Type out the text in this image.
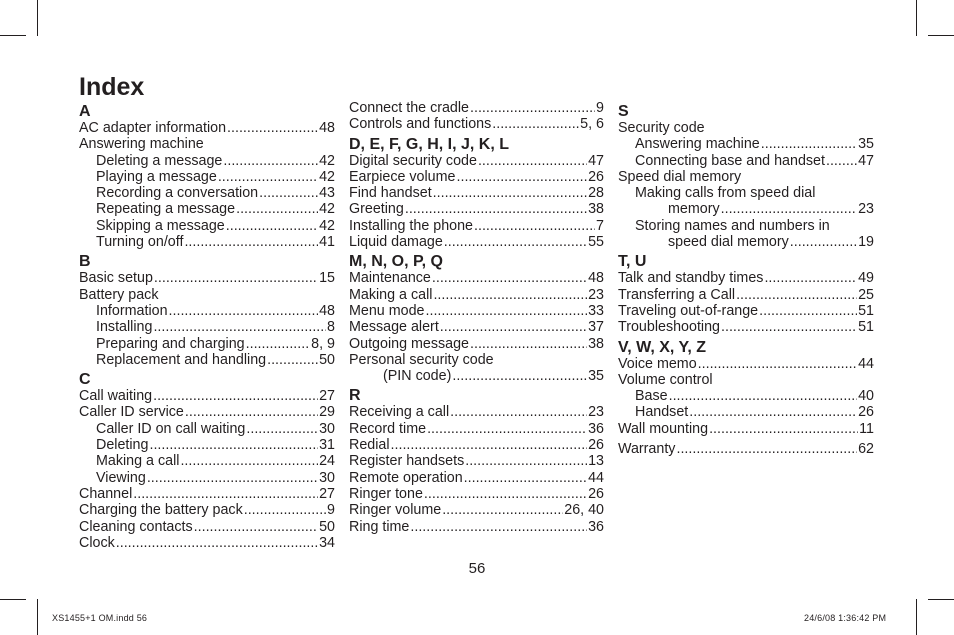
Index
A
AC adapter information .....	48
Answering machine
Deleting a message .....	42
Playing a message .....	42
Recording a conversation .....	43
Repeating a message .....	42
Skipping a message .....	42
Turning on/off .....	41
B
Basic setup .....	15
Battery pack
Information .....	48
Installing .....	8
Preparing and charging .....	8, 9
Replacement and handling .....	50
C
Call waiting .....	27
Caller ID service .....	29
Caller ID on call waiting .....	30
Deleting .....	31
Making a call .....	24
Viewing .....	30
Channel .....	27
Charging the battery pack .....	9
Cleaning contacts .....	50
Clock .....	34
Connect the cradle .....	9
Controls and functions .....	5, 6
D, E, F, G, H, I, J, K, L
Digital security code .....	47
Earpiece volume .....	26
Find handset .....	28
Greeting .....	38
Installing the phone .....	7
Liquid damage .....	55
M, N, O, P, Q
Maintenance .....	48
Making a call .....	23
Menu mode .....	33
Message alert .....	37
Outgoing message .....	38
Personal security code
(PIN code) .....	35
R
Receiving a call .....	23
Record time .....	36
Redial .....	26
Register handsets .....	13
Remote operation .....	44
Ringer tone .....	26
Ringer volume .....	26, 40
Ring time .....	36
S
Security code
Answering machine .....	35
Connecting base and handset ..... 47
Speed dial memory
Making calls from speed dial
memory .....	23
Storing names and numbers in
speed dial memory .....	19
T, U
Talk and standby times .....	49
Transferring a Call .....	25
Traveling out-of-range .....	51
Troubleshooting .....	51
V, W, X, Y, Z
Voice memo .....	44
Volume control
Base .....	40
Handset .....	26
Wall mounting .....	11
Warranty .....	62
56
XS1455+1 OM.indd 56	24/6/08 1:36:42 PM
